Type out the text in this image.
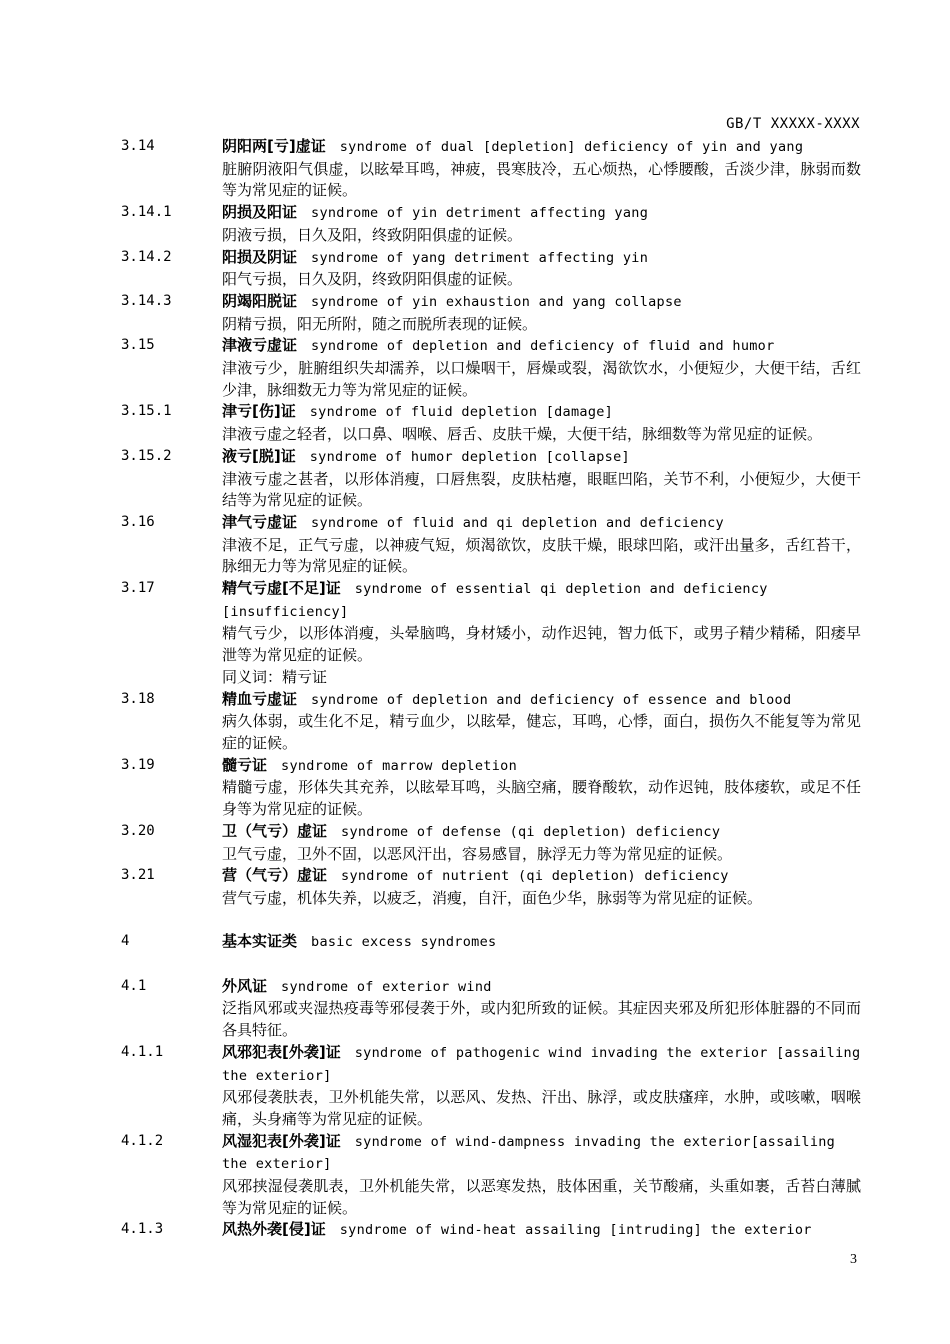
GB/T XXXXX-XXXX
3.14	阴阳两[亏]虚证 syndrome of dual [depletion] deficiency of yin and yang
脏腑阴液阳气俱虚，以眩晕耳鸣，神疲，畏寒肢冷，五心烦热，心悸腰酸，舌淡少津，脉弱而数等为常见症的证候。
3.14.1	阴损及阳证 syndrome of yin detriment affecting yang
阴液亏损，日久及阳，终致阴阳俱虚的证候。
3.14.2	阳损及阴证 syndrome of yang detriment affecting yin
阳气亏损，日久及阴，终致阴阳俱虚的证候。
3.14.3	阴竭阳脱证 syndrome of yin exhaustion and yang collapse
阴精亏损，阳无所附，随之而脱所表现的证候。
3.15	津液亏虚证 syndrome of depletion and deficiency of fluid and humor
津液亏少，脏腑组织失却濡养，以口燥咽干，唇燥或裂，渴欲饮水，小便短少，大便干结，舌红少津，脉细数无力等为常见症的证候。
3.15.1	津亏[伤]证 syndrome of fluid depletion [damage]
津液亏虚之轻者，以口鼻、咽喉、唇舌、皮肤干燥，大便干结，脉细数等为常见症的证候。
3.15.2	液亏[脱]证 syndrome of humor depletion [collapse]
津液亏虚之甚者，以形体消瘦，口唇焦裂，皮肤枯瘪，眼眶凹陷，关节不利，小便短少，大便干结等为常见症的证候。
3.16	津气亏虚证 syndrome of fluid and qi depletion and deficiency
津液不足，正气亏虚，以神疲气短，烦渴欲饮，皮肤干燥，眼球凹陷，或汗出量多，舌红苔干，脉细无力等为常见症的证候。
3.17	精气亏虚[不足]证 syndrome of essential qi depletion and deficiency [insufficiency]
精气亏少，以形体消瘦，头晕脑鸣，身材矮小，动作迟钝，智力低下，或男子精少精稀，阳痿早泄等为常见症的证候。
同义词：精亏证
3.18	精血亏虚证 syndrome of depletion and deficiency of essence and blood
病久体弱，或生化不足，精亏血少，以眩晕，健忘，耳鸣，心悸，面白，损伤久不能复等为常见症的证候。
3.19	髓亏证 syndrome of marrow depletion
精髓亏虚，形体失其充养，以眩晕耳鸣，头脑空痛，腰脊酸软，动作迟钝，肢体痿软，或足不任身等为常见症的证候。
3.20	卫（气亏）虚证 syndrome of defense (qi depletion) deficiency
卫气亏虚，卫外不固，以恶风汗出，容易感冒，脉浮无力等为常见症的证候。
3.21	营（气亏）虚证 syndrome of nutrient (qi depletion) deficiency
营气亏虚，机体失养，以疲乏，消瘦，自汗，面色少华，脉弱等为常见症的证候。
4	基本实证类 basic excess syndromes
4.1	外风证 syndrome of exterior wind
泛指风邪或夹湿热疫毒等邪侵袭于外，或内犯所致的证候。其症因夹邪及所犯形体脏器的不同而各具特征。
4.1.1	风邪犯表[外袭]证 syndrome of pathogenic wind invading the exterior [assailing the exterior]
风邪侵袭肤表，卫外机能失常，以恶风、发热、汗出、脉浮，或皮肤瘙痒，水肿，或咳嗽，咽喉痛，头身痛等为常见症的证候。
4.1.2	风湿犯表[外袭]证 syndrome of wind-dampness invading the exterior[assailing the exterior]
风邪挟湿侵袭肌表，卫外机能失常，以恶寒发热，肢体困重，关节酸痛，头重如裹，舌苔白薄腻等为常见症的证候。
4.1.3	风热外袭[侵]证 syndrome of wind-heat assailing [intruding] the exterior
3
